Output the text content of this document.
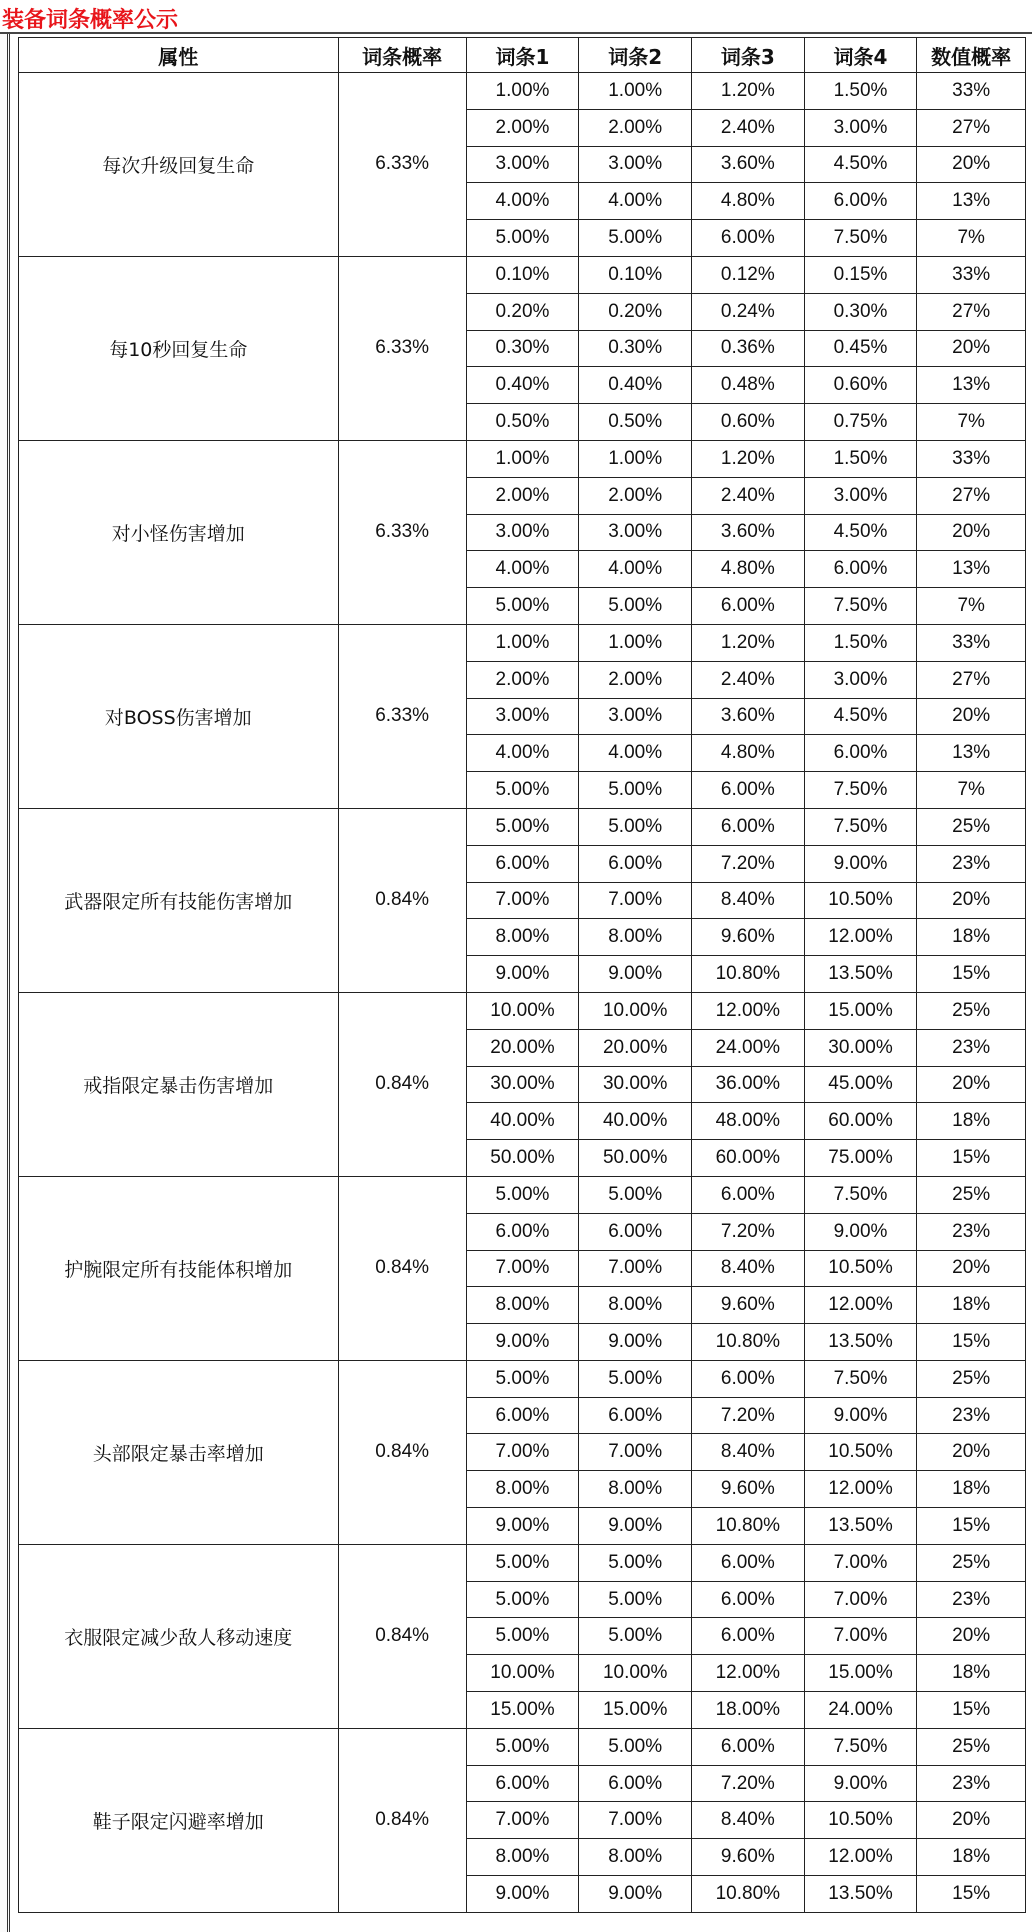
装备词条概率公示
属性	词条概率	词条1	词条2	词条3	词条4	数值概率
每次升级回复生命	6.33%	1.00%	1.00%	1.20%	1.50%	33%
		2.00%	2.00%	2.40%	3.00%	27%
		3.00%	3.00%	3.60%	4.50%	20%
		4.00%	4.00%	4.80%	6.00%	13%
		5.00%	5.00%	6.00%	7.50%	7%
每10秒回复生命	6.33%	0.10%	0.10%	0.12%	0.15%	33%
		0.20%	0.20%	0.24%	0.30%	27%
		0.30%	0.30%	0.36%	0.45%	20%
		0.40%	0.40%	0.48%	0.60%	13%
		0.50%	0.50%	0.60%	0.75%	7%
对小怪伤害增加	6.33%	1.00%	1.00%	1.20%	1.50%	33%
		2.00%	2.00%	2.40%	3.00%	27%
		3.00%	3.00%	3.60%	4.50%	20%
		4.00%	4.00%	4.80%	6.00%	13%
		5.00%	5.00%	6.00%	7.50%	7%
对BOSS伤害增加	6.33%	1.00%	1.00%	1.20%	1.50%	33%
		2.00%	2.00%	2.40%	3.00%	27%
		3.00%	3.00%	3.60%	4.50%	20%
		4.00%	4.00%	4.80%	6.00%	13%
		5.00%	5.00%	6.00%	7.50%	7%
武器限定所有技能伤害增加	0.84%	5.00%	5.00%	6.00%	7.50%	25%
		6.00%	6.00%	7.20%	9.00%	23%
		7.00%	7.00%	8.40%	10.50%	20%
		8.00%	8.00%	9.60%	12.00%	18%
		9.00%	9.00%	10.80%	13.50%	15%
戒指限定暴击伤害增加	0.84%	10.00%	10.00%	12.00%	15.00%	25%
		20.00%	20.00%	24.00%	30.00%	23%
		30.00%	30.00%	36.00%	45.00%	20%
		40.00%	40.00%	48.00%	60.00%	18%
		50.00%	50.00%	60.00%	75.00%	15%
护腕限定所有技能体积增加	0.84%	5.00%	5.00%	6.00%	7.50%	25%
		6.00%	6.00%	7.20%	9.00%	23%
		7.00%	7.00%	8.40%	10.50%	20%
		8.00%	8.00%	9.60%	12.00%	18%
		9.00%	9.00%	10.80%	13.50%	15%
头部限定暴击率增加	0.84%	5.00%	5.00%	6.00%	7.50%	25%
		6.00%	6.00%	7.20%	9.00%	23%
		7.00%	7.00%	8.40%	10.50%	20%
		8.00%	8.00%	9.60%	12.00%	18%
		9.00%	9.00%	10.80%	13.50%	15%
衣服限定减少敌人移动速度	0.84%	5.00%	5.00%	6.00%	7.00%	25%
		5.00%	5.00%	6.00%	7.00%	23%
		5.00%	5.00%	6.00%	7.00%	20%
		10.00%	10.00%	12.00%	15.00%	18%
		15.00%	15.00%	18.00%	24.00%	15%
鞋子限定闪避率增加	0.84%	5.00%	5.00%	6.00%	7.50%	25%
		6.00%	6.00%	7.20%	9.00%	23%
		7.00%	7.00%	8.40%	10.50%	20%
		8.00%	8.00%	9.60%	12.00%	18%
		9.00%	9.00%	10.80%	13.50%	15%
